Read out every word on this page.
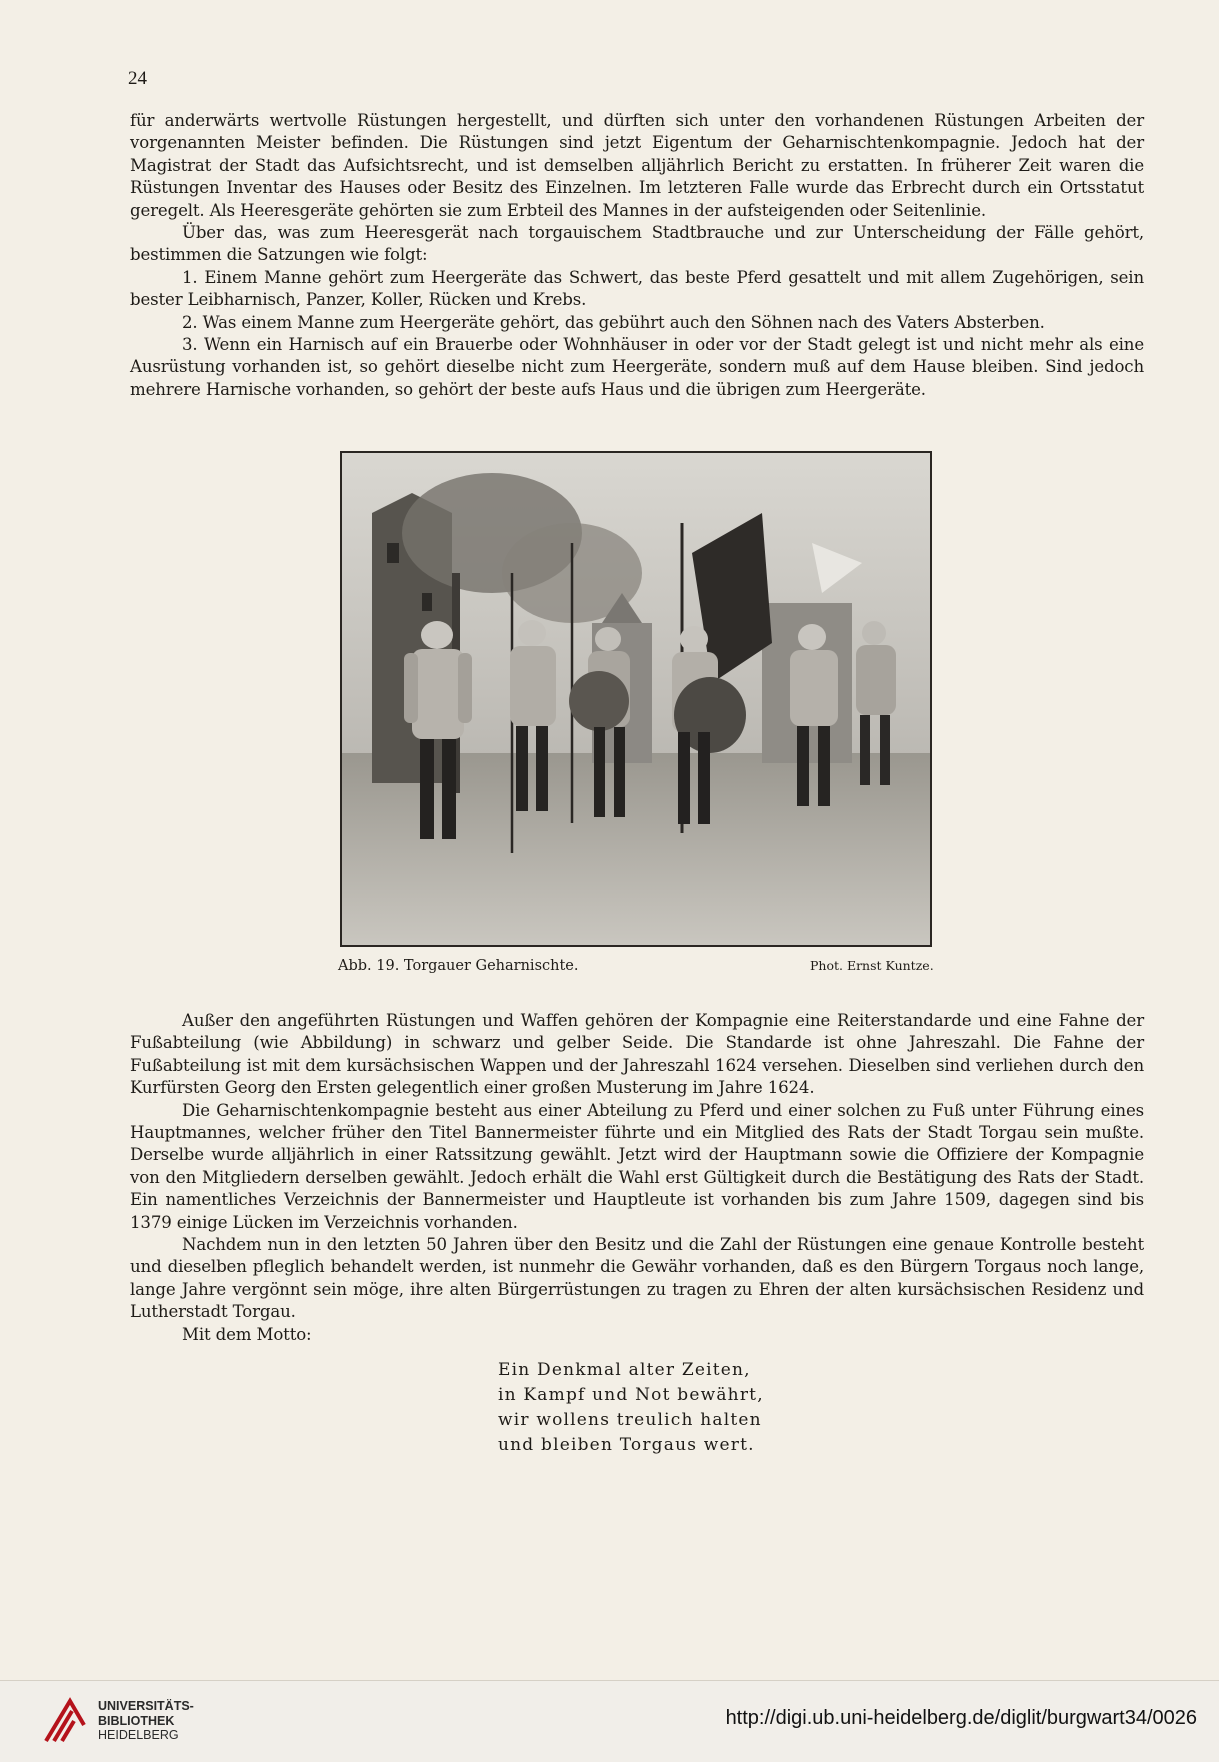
24

für anderwärts wertvolle Rüstungen hergestellt, und dürften sich unter den vorhandenen Rüstungen Arbeiten der vorgenannten Meister befinden. Die Rüstungen sind jetzt Eigentum der Geharnischtenkompagnie. Jedoch hat der Magistrat der Stadt das Aufsichtsrecht, und ist demselben alljährlich Bericht zu erstatten. In früherer Zeit waren die Rüstungen Inventar des Hauses oder Besitz des Einzelnen. Im letzteren Falle wurde das Erbrecht durch ein Ortsstatut geregelt. Als Heeresgeräte gehörten sie zum Erbteil des Mannes in der aufsteigenden oder Seitenlinie.

Über das, was zum Heeresgerät nach torgauischem Stadtbrauche und zur Unterscheidung der Fälle gehört, bestimmen die Satzungen wie folgt:

1. Einem Manne gehört zum Heergeräte das Schwert, das beste Pferd gesattelt und mit allem Zugehörigen, sein bester Leibharnisch, Panzer, Koller, Rücken und Krebs.

2. Was einem Manne zum Heergeräte gehört, das gebührt auch den Söhnen nach des Vaters Absterben.

3. Wenn ein Harnisch auf ein Brauerbe oder Wohnhäuser in oder vor der Stadt gelegt ist und nicht mehr als eine Ausrüstung vorhanden ist, so gehört dieselbe nicht zum Heergeräte, sondern muß auf dem Hause bleiben. Sind jedoch mehrere Harnische vorhanden, so gehört der beste aufs Haus und die übrigen zum Heergeräte.

Abb. 19. Torgauer Geharnischte.	Phot. Ernst Kuntze.

Außer den angeführten Rüstungen und Waffen gehören der Kompagnie eine Reiterstandarde und eine Fahne der Fußabteilung (wie Abbildung) in schwarz und gelber Seide. Die Standarde ist ohne Jahreszahl. Die Fahne der Fußabteilung ist mit dem kursächsischen Wappen und der Jahreszahl 1624 versehen. Dieselben sind verliehen durch den Kurfürsten Georg den Ersten gelegentlich einer großen Musterung im Jahre 1624.

Die Geharnischtenkompagnie besteht aus einer Abteilung zu Pferd und einer solchen zu Fuß unter Führung eines Hauptmannes, welcher früher den Titel Bannermeister führte und ein Mitglied des Rats der Stadt Torgau sein mußte. Derselbe wurde alljährlich in einer Ratssitzung gewählt. Jetzt wird der Hauptmann sowie die Offiziere der Kompagnie von den Mitgliedern derselben gewählt. Jedoch erhält die Wahl erst Gültigkeit durch die Bestätigung des Rats der Stadt. Ein namentliches Verzeichnis der Bannermeister und Hauptleute ist vorhanden bis zum Jahre 1509, dagegen sind bis 1379 einige Lücken im Verzeichnis vorhanden.

Nachdem nun in den letzten 50 Jahren über den Besitz und die Zahl der Rüstungen eine genaue Kontrolle besteht und dieselben pfleglich behandelt werden, ist nunmehr die Gewähr vorhanden, daß es den Bürgern Torgaus noch lange, lange Jahre vergönnt sein möge, ihre alten Bürgerrüstungen zu tragen zu Ehren der alten kursächsischen Residenz und Lutherstadt Torgau.

Mit dem Motto:

Ein Denkmal alter Zeiten,
in Kampf und Not bewährt,
wir wollens treulich halten
und bleiben Torgaus wert.
UNIVERSITÄTS-
BIBLIOTHEK
HEIDELBERG
http://digi.ub.uni-heidelberg.de/diglit/burgwart34/0026
